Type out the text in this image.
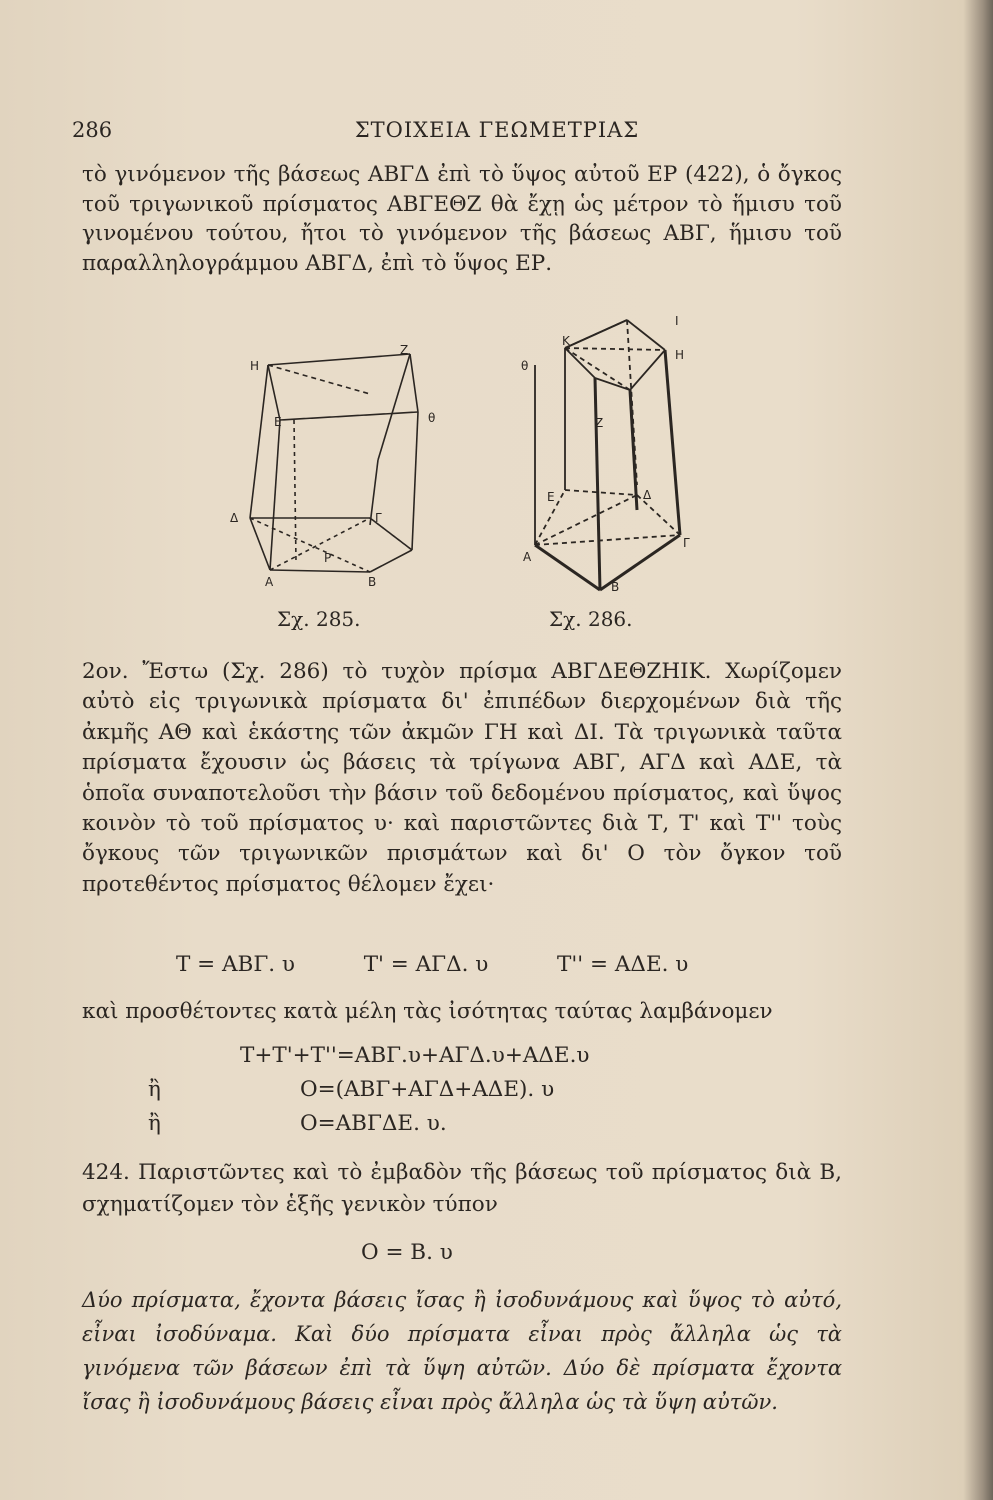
286	ΣΤΟΙΧΕΙΑ ΓΕΩΜΕΤΡΙΑΣ
τὸ γινόμενον τῆς βάσεως ΑΒΓΔ ἐπὶ τὸ ὕψος αὐτοῦ ΕΡ (422), ὁ ὄγκος τοῦ τριγωνικοῦ πρίσματος ΑΒΓΕΘΖ θὰ ἔχῃ ὡς μέτρον τὸ ἥμισυ τοῦ γινομένου τούτου, ἤτοι τὸ γινόμενον τῆς βάσεως ΑΒΓ, ἥμισυ τοῦ παραλληλογράμμου ΑΒΓΔ, ἐπὶ τὸ ὕψος ΕΡ.
H
Z
E	θ
Δ	Γ
P
A	B
Σχ. 285.
K
I
θ
H
Z
E	Δ
A
B
Γ
Σχ. 286.
2ον. Ἔστω (Σχ. 286) τὸ τυχὸν πρίσμα ΑΒΓΔΕΘΖΗΙΚ. Χωρίζομεν αὐτὸ εἰς τριγωνικὰ πρίσματα δι' ἐπιπέδων διερχομένων διὰ τῆς ἀκμῆς ΑΘ καὶ ἑκάστης τῶν ἀκμῶν ΓΗ καὶ ΔΙ. Τὰ τριγωνικὰ ταῦτα πρίσματα ἔχουσιν ὡς βάσεις τὰ τρίγωνα ΑΒΓ, ΑΓΔ καὶ ΑΔΕ, τὰ ὁποῖα συναποτελοῦσι τὴν βάσιν τοῦ δεδομένου πρίσματος, καὶ ὕψος κοινὸν τὸ τοῦ πρίσματος υ· καὶ παριστῶντες διὰ Τ, Τ' καὶ Τ'' τοὺς ὄγκους τῶν τριγωνικῶν πρισμάτων καὶ δι' Ο τὸν ὄγκον τοῦ προτεθέντος πρίσματος θέλομεν ἔχει·
Τ = ΑΒΓ. υ	Τ' = ΑΓΔ. υ	Τ'' = ΑΔΕ. υ
καὶ προσθέτοντες κατὰ μέλη τὰς ἰσότητας ταύτας λαμβάνομεν
Τ+Τ'+Τ''=ΑΒΓ.υ+ΑΓΔ.υ+ΑΔΕ.υ
ἢ	Ο=(ΑΒΓ+ΑΓΔ+ΑΔΕ). υ
ἢ	Ο=ΑΒΓΔΕ. υ.
424. Παριστῶντες καὶ τὸ ἐμβαδὸν τῆς βάσεως τοῦ πρίσματος διὰ Β, σχηματίζομεν τὸν ἑξῆς γενικὸν τύπον
Ο = Β. υ
Δύο πρίσματα, ἔχοντα βάσεις ἴσας ἢ ἰσοδυνάμους καὶ ὕψος τὸ αὐτό, εἶναι ἰσοδύναμα. Καὶ δύο πρίσματα εἶναι πρὸς ἄλληλα ὡς τὰ γινόμενα τῶν βάσεων ἐπὶ τὰ ὕψη αὐτῶν. Δύο δὲ πρίσματα ἔχοντα ἴσας ἢ ἰσοδυνάμους βάσεις εἶναι πρὸς ἄλληλα ὡς τὰ ὕψη αὐτῶν.
